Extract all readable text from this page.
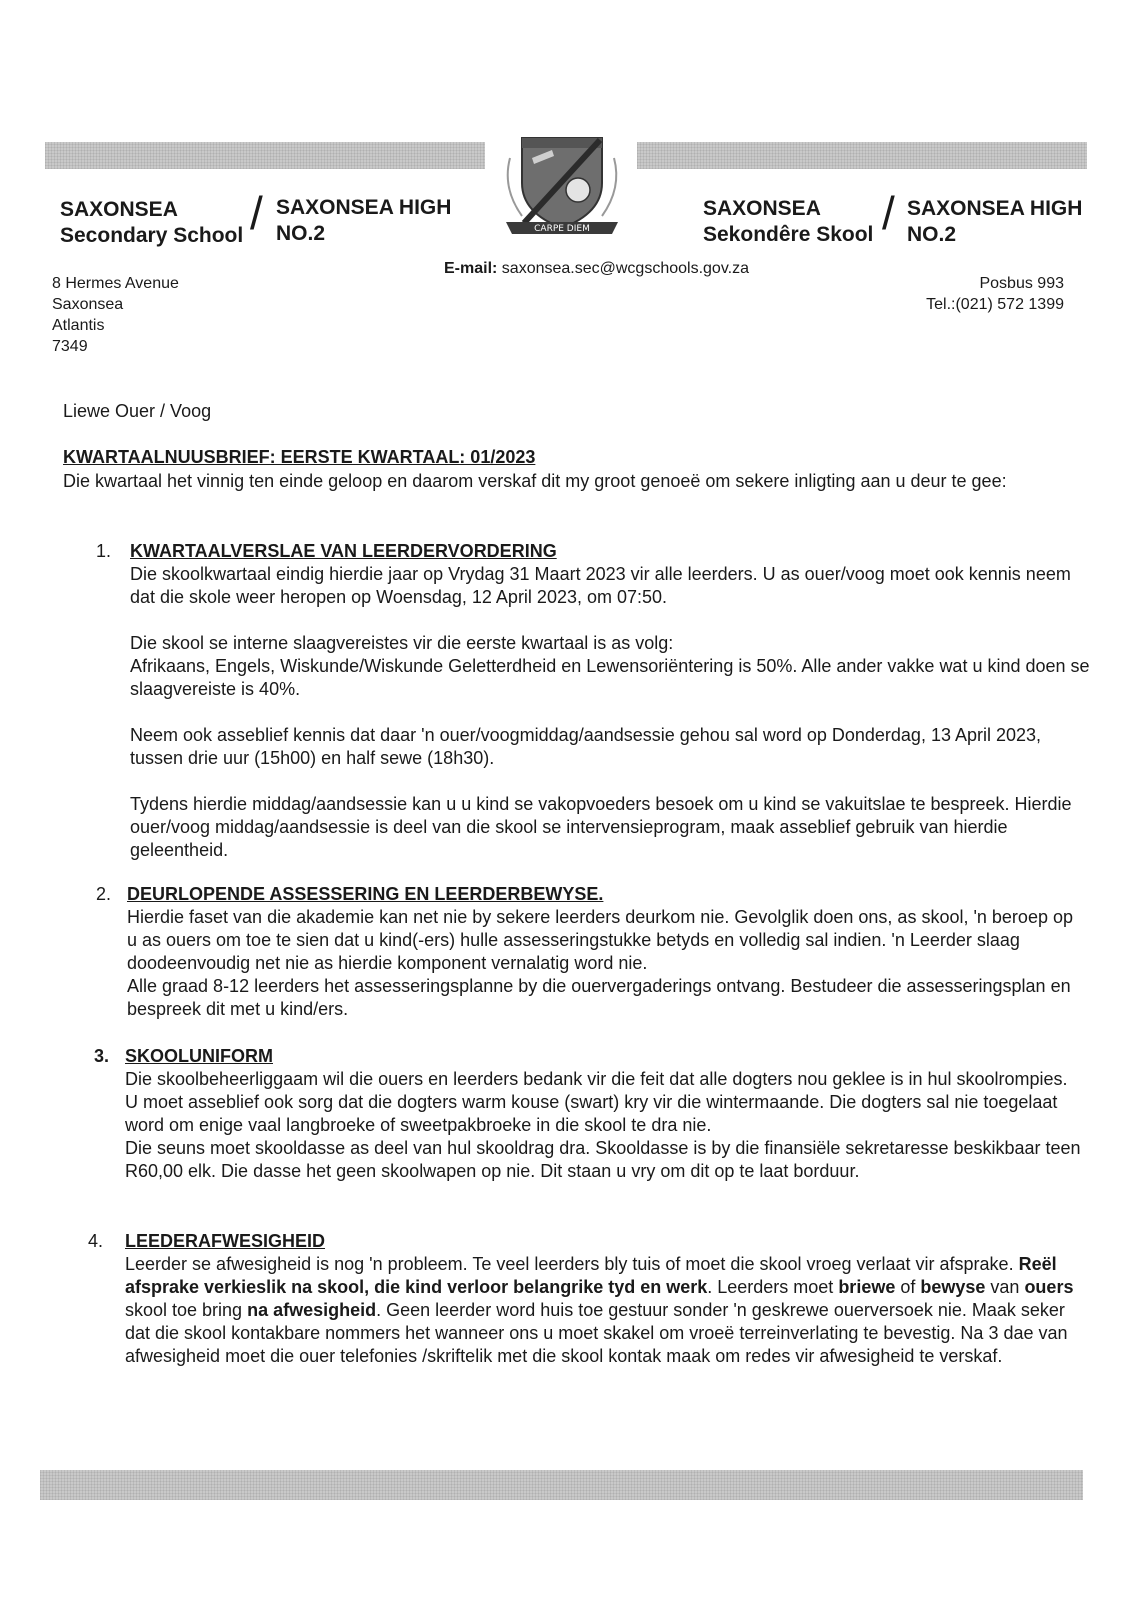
CARPE DIEM
SAXONSEA
Secondary School / SAXONSEA HIGH
NO.2
SAXONSEA
Sekondêre Skool / SAXONSEA HIGH
NO.2
E-mail: saxonsea.sec@wcgschools.gov.za
8 Hermes Avenue
Saxonsea
Atlantis
7349
Posbus 993
Tel.:(021) 572 1399
Liewe Ouer / Voog
KWARTAALNUUSBRIEF: EERSTE KWARTAAL: 01/2023
Die kwartaal het vinnig ten einde geloop en daarom verskaf dit my groot genoeë om sekere inligting aan u deur te gee:
1. KWARTAALVERSLAE VAN LEERDERVORDERING

Die skoolkwartaal eindig hierdie jaar op Vrydag 31 Maart 2023 vir alle leerders. U as ouer/voog moet ook kennis neem dat die skole weer heropen op Woensdag, 12 April 2023, om 07:50.

Die skool se interne slaagvereistes vir die eerste kwartaal is as volg:

Afrikaans, Engels, Wiskunde/Wiskunde Geletterdheid en Lewensoriëntering is 50%. Alle ander vakke wat u kind doen se slaagvereiste is 40%.

Neem ook asseblief kennis dat daar 'n ouer/voogmiddag/aandsessie gehou sal word op Donderdag, 13 April 2023, tussen drie uur (15h00) en half sewe (18h30).

Tydens hierdie middag/aandsessie kan u u kind se vakopvoeders besoek om u kind se vakuitslae te bespreek. Hierdie ouer/voog middag/aandsessie is deel van die skool se intervensieprogram, maak asseblief gebruik van hierdie geleentheid.

2. DEURLOPENDE ASSESSERING EN LEERDERBEWYSE.

Hierdie faset van die akademie kan net nie by sekere leerders deurkom nie. Gevolglik doen ons, as skool, 'n beroep op u as ouers om toe te sien dat u kind(-ers) hulle assesseringstukke betyds en volledig sal indien. 'n Leerder slaag doodeenvoudig net nie as hierdie komponent vernalatig word nie.

Alle graad 8-12 leerders het assesseringsplanne by die ouervergaderings ontvang. Bestudeer die assesseringsplan en bespreek dit met u kind/ers.

3. SKOOLUNIFORM

Die skoolbeheerliggaam wil die ouers en leerders bedank vir die feit dat alle dogters nou geklee is in hul skoolrompies. U moet asseblief ook sorg dat die dogters warm kouse (swart) kry vir die wintermaande. Die dogters sal nie toegelaat word om enige vaal langbroeke of sweetpakbroeke in die skool te dra nie.

Die seuns moet skooldasse as deel van hul skooldrag dra. Skooldasse is by die finansiële sekretaresse beskikbaar teen R60,00 elk. Die dasse het geen skoolwapen op nie. Dit staan u vry om dit op te laat borduur.

4. LEEDERAFWESIGHEID

Leerder se afwesigheid is nog 'n probleem. Te veel leerders bly tuis of moet die skool vroeg verlaat vir afsprake. Reël afsprake verkieslik na skool, die kind verloor belangrike tyd en werk. Leerders moet briewe of bewyse van ouers skool toe bring na afwesigheid. Geen leerder word huis toe gestuur sonder 'n geskrewe ouerversoek nie. Maak seker dat die skool kontakbare nommers het wanneer ons u moet skakel om vroeë terreinverlating te bevestig. Na 3 dae van afwesigheid moet die ouer telefonies /skriftelik met die skool kontak maak om redes vir afwesigheid te verskaf.
